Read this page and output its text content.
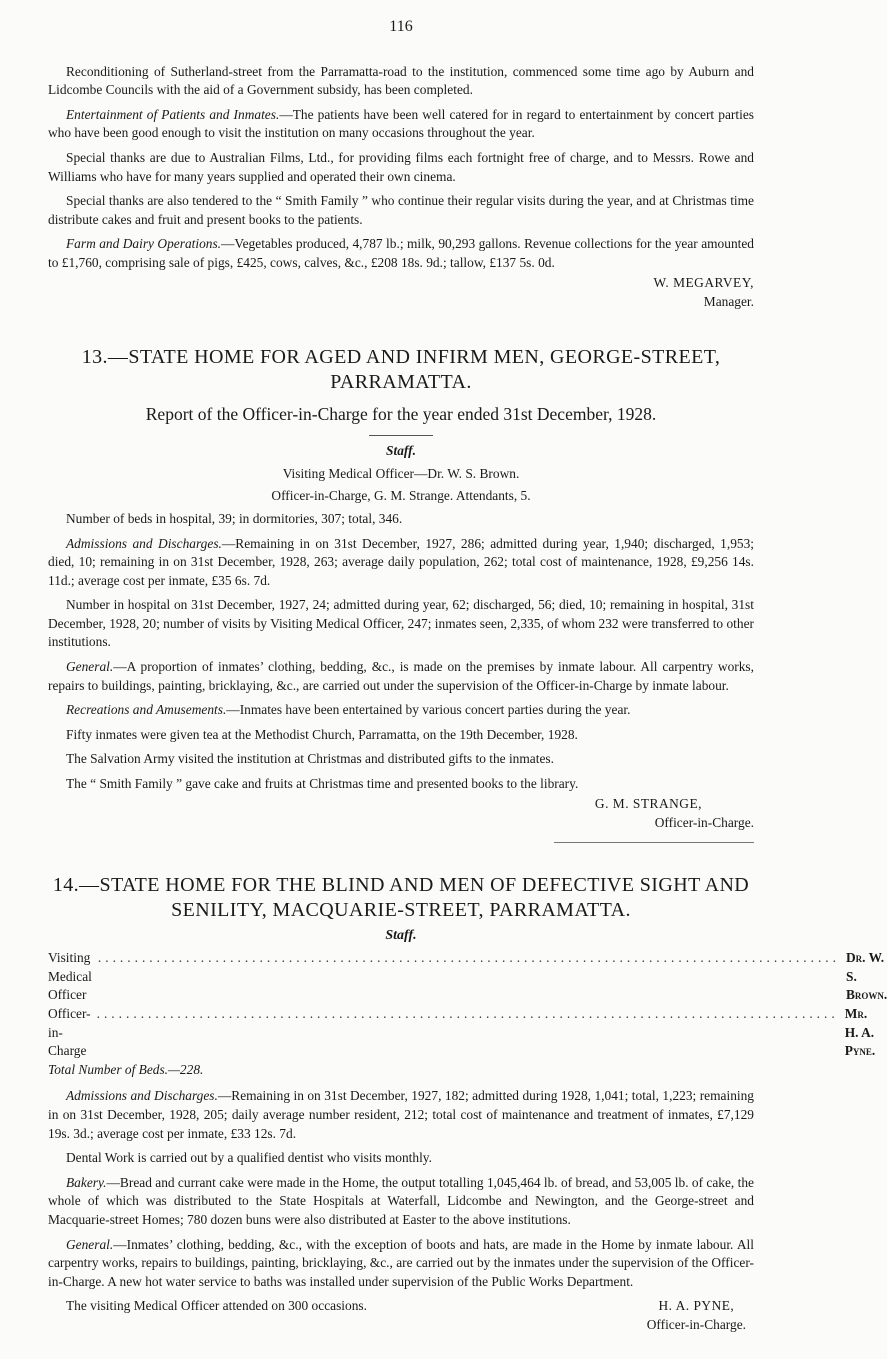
116

Reconditioning of Sutherland-street from the Parramatta-road to the institution, commenced some time ago by Auburn and Lidcombe Councils with the aid of a Government subsidy, has been completed.

Entertainment of Patients and Inmates.—The patients have been well catered for in regard to entertainment by concert parties who have been good enough to visit the institution on many occasions throughout the year.

Special thanks are due to Australian Films, Ltd., for providing films each fortnight free of charge, and to Messrs. Rowe and Williams who have for many years supplied and operated their own cinema.

Special thanks are also tendered to the “ Smith Family ” who continue their regular visits during the year, and at Christmas time distribute cakes and fruit and present books to the patients.

Farm and Dairy Operations.—Vegetables produced, 4,787 lb.; milk, 90,293 gallons. Revenue collections for the year amounted to £1,760, comprising sale of pigs, £425, cows, calves, &c., £208 18s. 9d.; tallow, £137 5s. 0d.

W. MEGARVEY,
Manager.
13.—STATE HOME FOR AGED AND INFIRM MEN, GEORGE-STREET, PARRAMATTA.
Report of the Officer-in-Charge for the year ended 31st December, 1928.
Staff.

Visiting Medical Officer—Dr. W. S. Brown.

Officer-in-Charge, G. M. Strange. Attendants, 5.

Number of beds in hospital, 39; in dormitories, 307; total, 346.

Admissions and Discharges.—Remaining in on 31st December, 1927, 286; admitted during year, 1,940; discharged, 1,953; died, 10; remaining in on 31st December, 1928, 263; average daily population, 262; total cost of maintenance, 1928, £9,256 14s. 11d.; average cost per inmate, £35 6s. 7d.

Number in hospital on 31st December, 1927, 24; admitted during year, 62; discharged, 56; died, 10; remaining in hospital, 31st December, 1928, 20; number of visits by Visiting Medical Officer, 247; inmates seen, 2,335, of whom 232 were transferred to other institutions.

General.—A proportion of inmates’ clothing, bedding, &c., is made on the premises by inmate labour. All carpentry works, repairs to buildings, painting, bricklaying, &c., are carried out under the supervision of the Officer-in-Charge by inmate labour.

Recreations and Amusements.—Inmates have been entertained by various concert parties during the year.

Fifty inmates were given tea at the Methodist Church, Parramatta, on the 19th December, 1928.

The Salvation Army visited the institution at Christmas and distributed gifts to the inmates.

The “ Smith Family ” gave cake and fruits at Christmas time and presented books to the library.

G. M. STRANGE,
Officer-in-Charge.
14.—STATE HOME FOR THE BLIND AND MEN OF DEFECTIVE SIGHT AND SENILITY, MACQUARIE-STREET, PARRAMATTA.
Staff.
Visiting Medical Officer
..................................................................................................... Dr. W. S. Brown.
Officer-in-Charge
..................................................................................................... Mr. H. A. Pyne.

Total Number of Beds.—228.

Admissions and Discharges.—Remaining in on 31st December, 1927, 182; admitted during 1928, 1,041; total, 1,223; remaining in on 31st December, 1928, 205; daily average number resident, 212; total cost of maintenance and treatment of inmates, £7,129 19s. 3d.; average cost per inmate, £33 12s. 7d.

Dental Work is carried out by a qualified dentist who visits monthly.

Bakery.—Bread and currant cake were made in the Home, the output totalling 1,045,464 lb. of bread, and 53,005 lb. of cake, the whole of which was distributed to the State Hospitals at Waterfall, Lidcombe and Newington, and the George-street and Macquarie-street Homes; 780 dozen buns were also distributed at Easter to the above institutions.

General.—Inmates’ clothing, bedding, &c., with the exception of boots and hats, are made in the Home by inmate labour. All carpentry works, repairs to buildings, painting, bricklaying, &c., are carried out by the inmates under the supervision of the Officer-in-Charge. A new hot water service to baths was installed under supervision of the Public Works Department.

The visiting Medical Officer attended on 300 occasions.	H. A. PYNE,
Officer-in-Charge.
